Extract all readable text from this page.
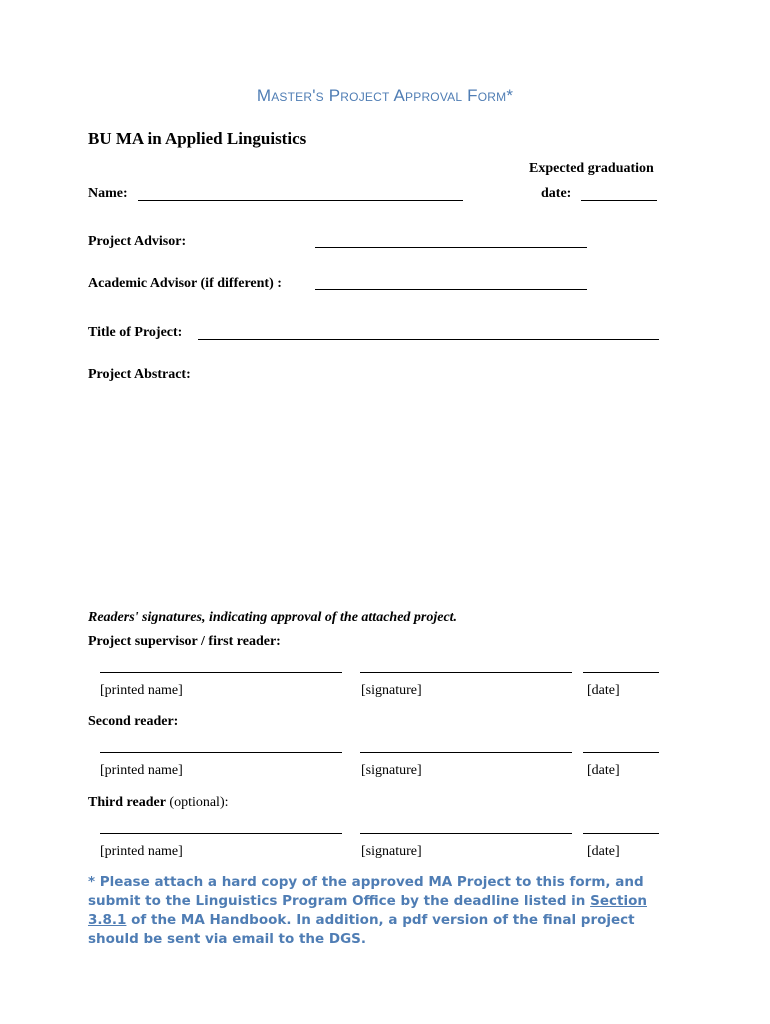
Master's Project Approval Form*
BU MA in Applied Linguistics
Expected graduation
date:
Name:
Project Advisor:
Academic Advisor (if different) :
Title of Project:
Project Abstract:
Readers' signatures, indicating approval of the attached project.
Project supervisor / first reader:
[printed name]	[signature]	[date]
Second reader:
[printed name]	[signature]	[date]
Third reader (optional):
[printed name]	[signature]	[date]
* Please attach a hard copy of the approved MA Project to this form, and submit to the Linguistics Program Office by the deadline listed in Section 3.8.1 of the MA Handbook. In addition, a pdf version of the final project should be sent via email to the DGS.
